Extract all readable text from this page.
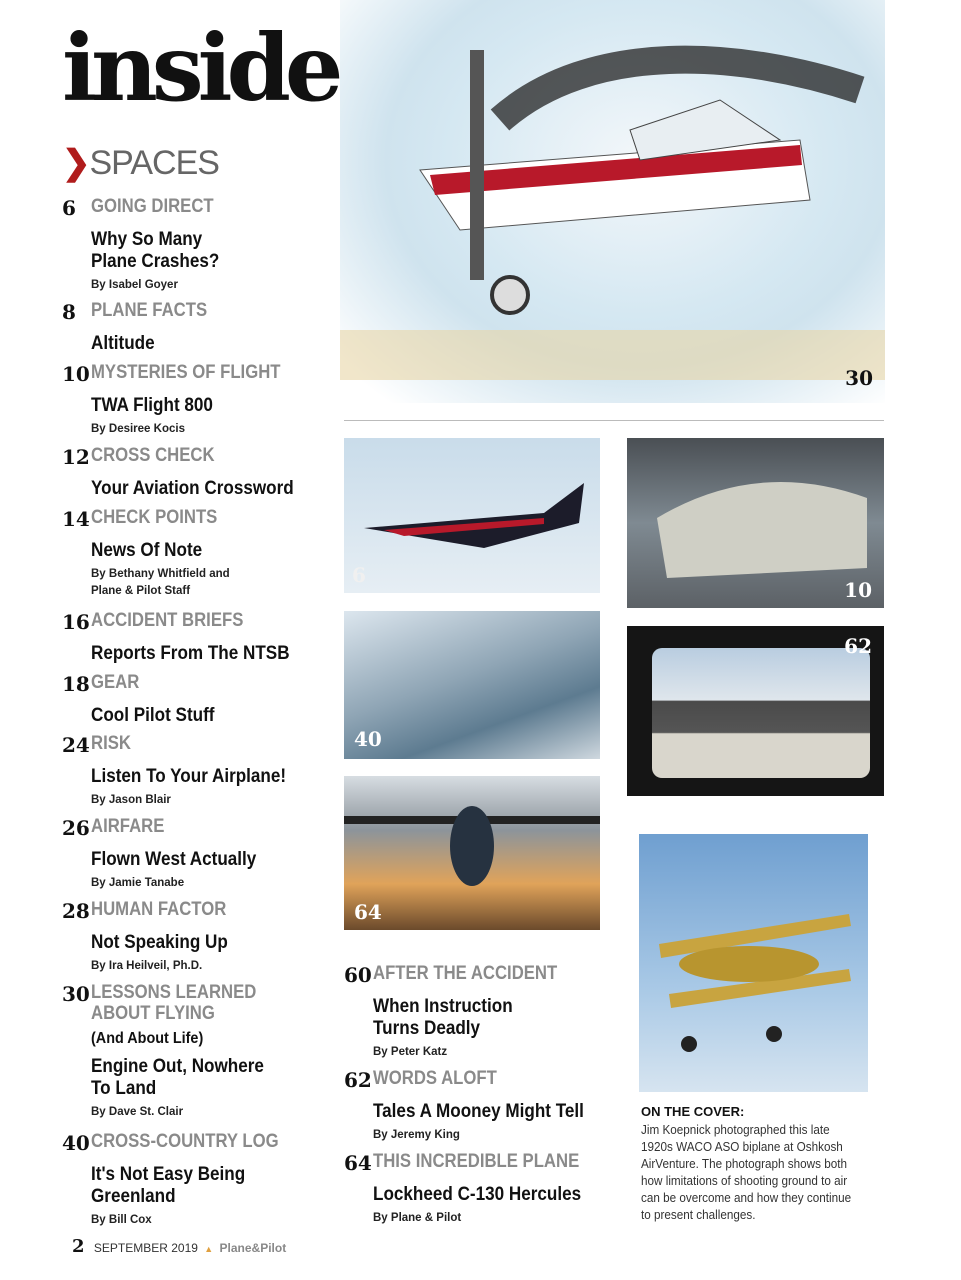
inside
❯SPACES
6 GOING DIRECT
Why So Many
Plane Crashes?
By Isabel Goyer
8 PLANE FACTS
Altitude
10 MYSTERIES OF FLIGHT
TWA Flight 800
By Desiree Kocis
12 CROSS CHECK
Your Aviation Crossword
14 CHECK POINTS
News Of Note
By Bethany Whitfield and
Plane & Pilot Staff
16 ACCIDENT BRIEFS
Reports From The NTSB
18 GEAR
Cool Pilot Stuff
24 RISK
Listen To Your Airplane!
By Jason Blair
26 AIRFARE
Flown West Actually
By Jamie Tanabe
28 HUMAN FACTOR
Not Speaking Up
By Ira Heilveil, Ph.D.
30 LESSONS LEARNED ABOUT FLYING
(And About Life)
Engine Out, Nowhere
To Land
By Dave St. Clair
40 CROSS-COUNTRY LOG
It's Not Easy Being
Greenland
By Bill Cox
60 AFTER THE ACCIDENT
When Instruction
Turns Deadly
By Peter Katz
62 WORDS ALOFT
Tales A Mooney Might Tell
By Jeremy King
64 THIS INCREDIBLE PLANE
Lockheed C-130 Hercules
By Plane & Pilot
30
6
10
40
62
64
ON THE COVER:
Jim Koepnick photographed this late 1920s WACO ASO biplane at Oshkosh AirVenture. The photograph shows both how limitations of shooting ground to air can be overcome and how they continue to present challenges.
2 SEPTEMBER 2019 ▲ Plane&Pilot
